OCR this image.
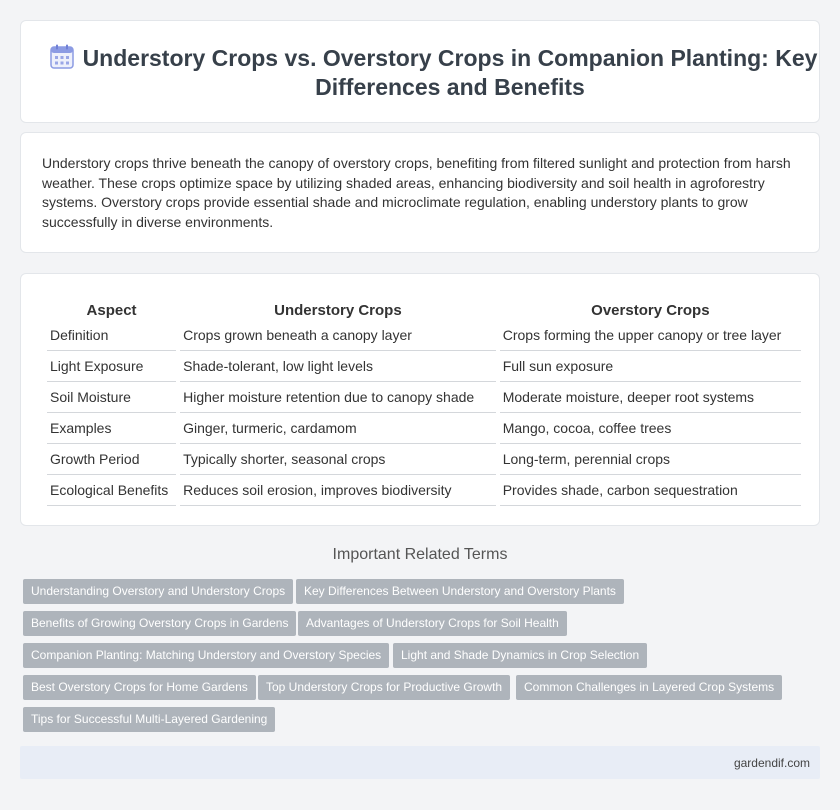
Understory Crops vs. Overstory Crops in Companion Planting: Key Differences and Benefits

Understory crops thrive beneath the canopy of overstory crops, benefiting from filtered sunlight and protection from harsh weather. These crops optimize space by utilizing shaded areas, enhancing biodiversity and soil health in agroforestry systems. Overstory crops provide essential shade and microclimate regulation, enabling understory plants to grow successfully in diverse environments.

Aspect	Understory Crops	Overstory Crops
Definition	Crops grown beneath a canopy layer	Crops forming the upper canopy or tree layer
Light Exposure	Shade-tolerant, low light levels	Full sun exposure
Soil Moisture	Higher moisture retention due to canopy shade	Moderate moisture, deeper root systems
Examples	Ginger, turmeric, cardamom	Mango, cocoa, coffee trees
Growth Period	Typically shorter, seasonal crops	Long-term, perennial crops
Ecological Benefits	Reduces soil erosion, improves biodiversity	Provides shade, carbon sequestration
Important Related Terms
Understanding Overstory and Understory Crops	Key Differences Between Understory and Overstory Plants
Benefits of Growing Overstory Crops in Gardens	Advantages of Understory Crops for Soil Health
Companion Planting: Matching Understory and Overstory Species	Light and Shade Dynamics in Crop Selection
Best Overstory Crops for Home Gardens	Top Understory Crops for Productive Growth	Common Challenges in Layered Crop Systems
Tips for Successful Multi-Layered Gardening
gardendif.com
